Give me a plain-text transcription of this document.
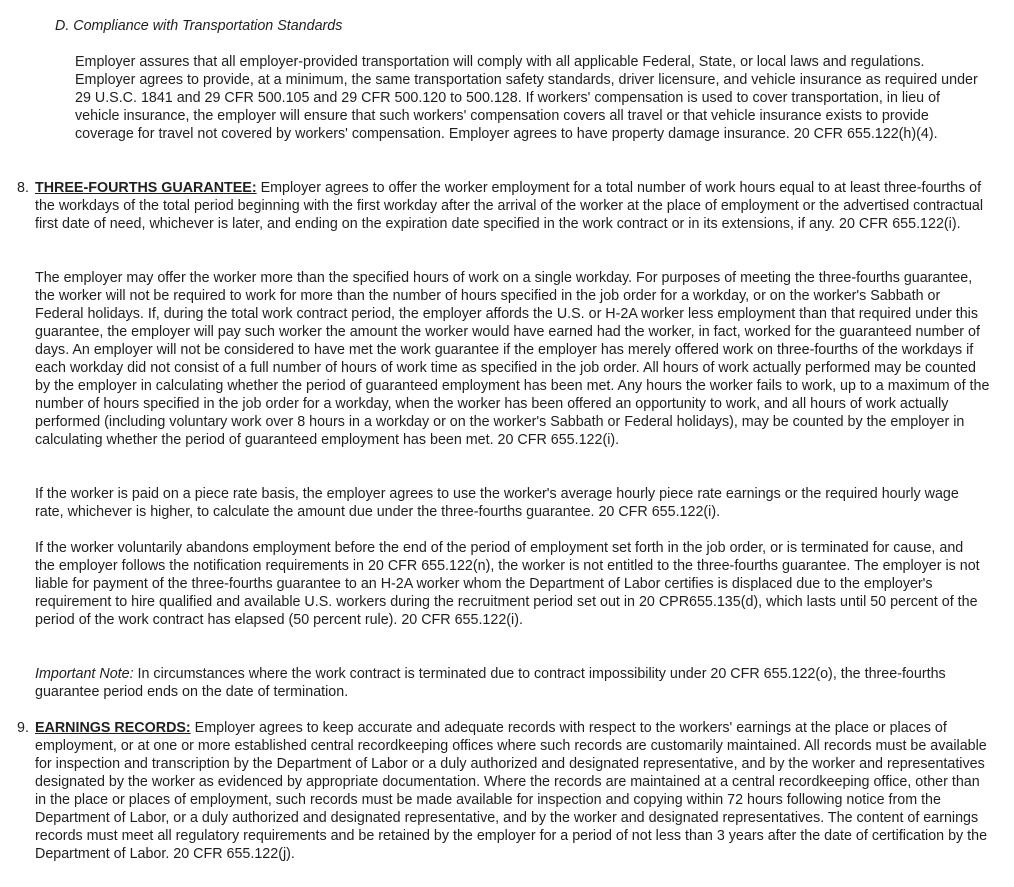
D. Compliance with Transportation Standards

Employer assures that all employer-provided transportation will comply with all applicable Federal, State, or local laws and regulations. Employer agrees to provide, at a minimum, the same transportation safety standards, driver licensure, and vehicle insurance as required under 29 U.S.C. 1841 and 29 CFR 500.105 and 29 CFR 500.120 to 500.128. If workers' compensation is used to cover transportation, in lieu of vehicle insurance, the employer will ensure that such workers' compensation covers all travel or that vehicle insurance exists to provide coverage for travel not covered by workers' compensation. Employer agrees to have property damage insurance. 20 CFR 655.122(h)(4).

8. THREE-FOURTHS GUARANTEE: Employer agrees to offer the worker employment for a total number of work hours equal to at least three-fourths of the workdays of the total period beginning with the first workday after the arrival of the worker at the place of employment or the advertised contractual first date of need, whichever is later, and ending on the expiration date specified in the work contract or in its extensions, if any. 20 CFR 655.122(i).

The employer may offer the worker more than the specified hours of work on a single workday. For purposes of meeting the three-fourths guarantee, the worker will not be required to work for more than the number of hours specified in the job order for a workday, or on the worker's Sabbath or Federal holidays. If, during the total work contract period, the employer affords the U.S. or H-2A worker less employment than that required under this guarantee, the employer will pay such worker the amount the worker would have earned had the worker, in fact, worked for the guaranteed number of days. An employer will not be considered to have met the work guarantee if the employer has merely offered work on three-fourths of the workdays if each workday did not consist of a full number of hours of work time as specified in the job order. All hours of work actually performed may be counted by the employer in calculating whether the period of guaranteed employment has been met. Any hours the worker fails to work, up to a maximum of the number of hours specified in the job order for a workday, when the worker has been offered an opportunity to work, and all hours of work actually performed (including voluntary work over 8 hours in a workday or on the worker's Sabbath or Federal holidays), may be counted by the employer in calculating whether the period of guaranteed employment has been met. 20 CFR 655.122(i).

If the worker is paid on a piece rate basis, the employer agrees to use the worker's average hourly piece rate earnings or the required hourly wage rate, whichever is higher, to calculate the amount due under the three-fourths guarantee. 20 CFR 655.122(i).

If the worker voluntarily abandons employment before the end of the period of employment set forth in the job order, or is terminated for cause, and the employer follows the notification requirements in 20 CFR 655.122(n), the worker is not entitled to the three-fourths guarantee. The employer is not liable for payment of the three-fourths guarantee to an H-2A worker whom the Department of Labor certifies is displaced due to the employer's requirement to hire qualified and available U.S. workers during the recruitment period set out in 20 CPR655.135(d), which lasts until 50 percent of the period of the work contract has elapsed (50 percent rule). 20 CFR 655.122(i).

Important Note: In circumstances where the work contract is terminated due to contract impossibility under 20 CFR 655.122(o), the three-fourths guarantee period ends on the date of termination.

9. EARNINGS RECORDS: Employer agrees to keep accurate and adequate records with respect to the workers' earnings at the place or places of employment, or at one or more established central recordkeeping offices where such records are customarily maintained. All records must be available for inspection and transcription by the Department of Labor or a duly authorized and designated representative, and by the worker and representatives designated by the worker as evidenced by appropriate documentation. Where the records are maintained at a central recordkeeping office, other than in the place or places of employment, such records must be made available for inspection and copying within 72 hours following notice from the Department of Labor, or a duly authorized and designated representative, and by the worker and designated representatives. The content of earnings records must meet all regulatory requirements and be retained by the employer for a period of not less than 3 years after the date of certification by the Department of Labor. 20 CFR 655.122(j).
